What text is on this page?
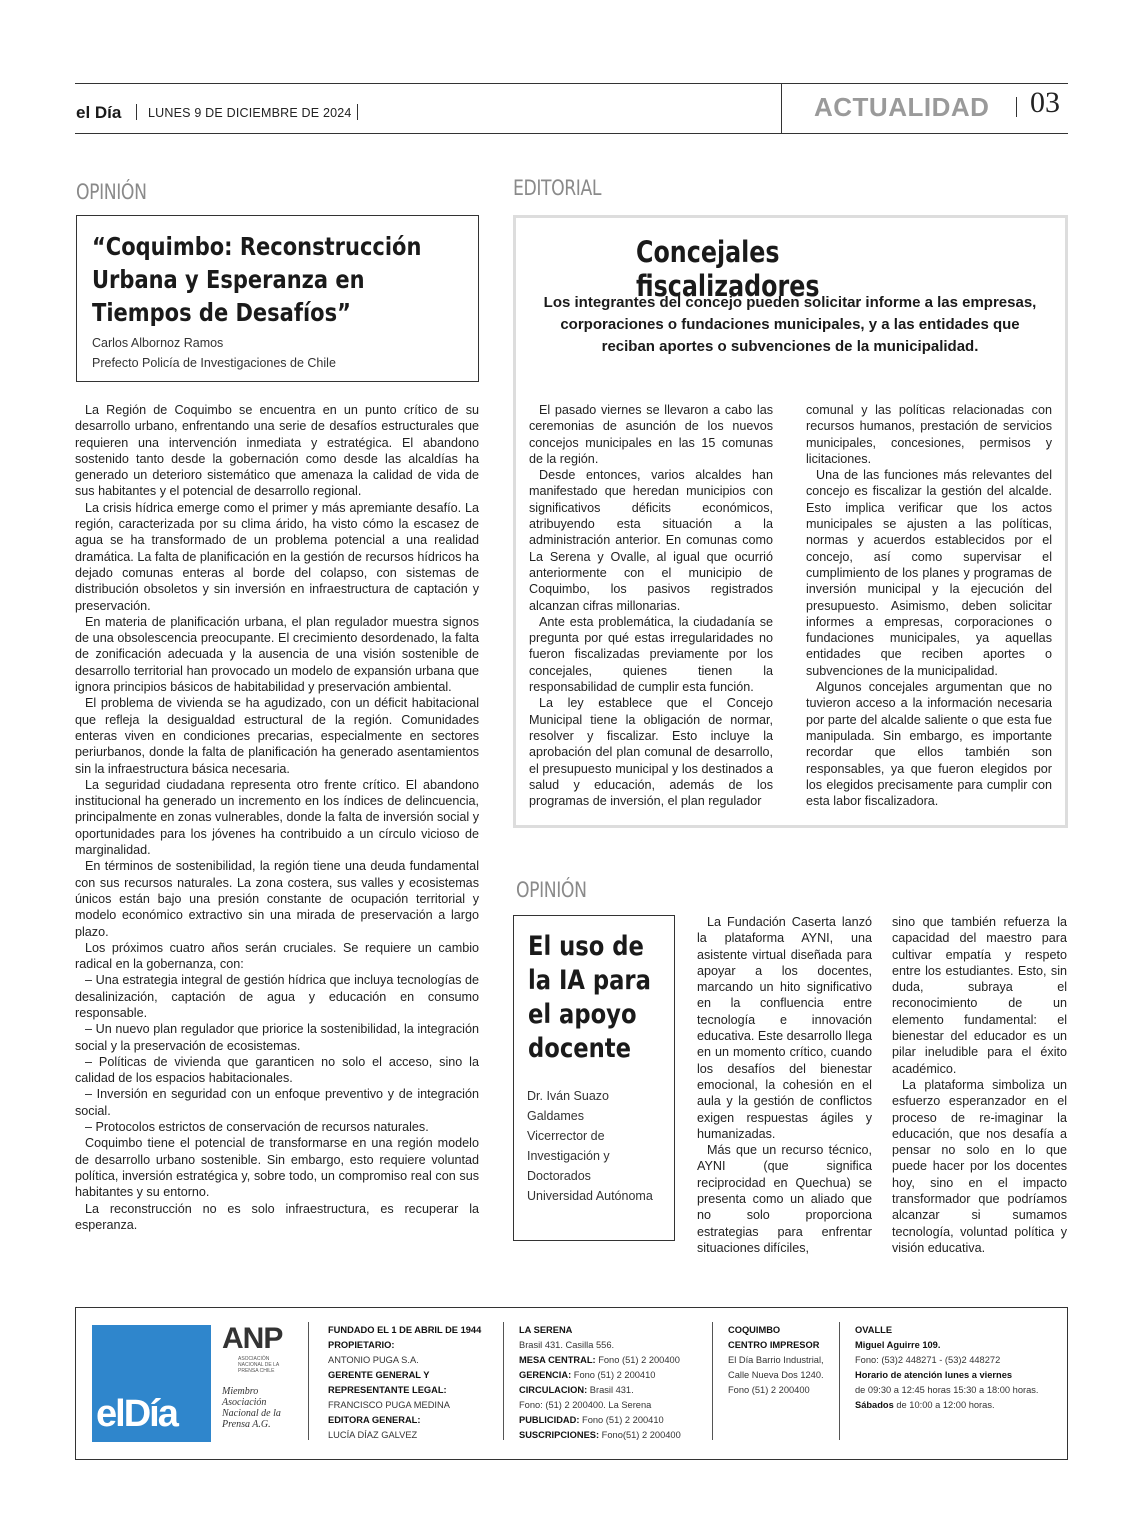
el Día LUNES 9 DE DICIEMBRE DE 2024	ACTUALIDAD 03
OPINIÓN
“Coquimbo: Reconstrucción Urbana y Esperanza en Tiempos de Desafíos”
Carlos Albornoz Ramos
Prefecto Policía de Investigaciones de Chile

La Región de Coquimbo se encuentra en un punto crítico de su desarrollo urbano, enfrentando una serie de desafíos estructurales que requieren una intervención inmediata y estratégica. El abandono sostenido tanto desde la gobernación como desde las alcaldías ha generado un deterioro sistemático que amenaza la calidad de vida de sus habitantes y el potencial de desarrollo regional.

La crisis hídrica emerge como el primer y más apremiante desafío. La región, caracterizada por su clima árido, ha visto cómo la escasez de agua se ha transformado de un problema potencial a una realidad dramática. La falta de planificación en la gestión de recursos hídricos ha dejado comunas enteras al borde del colapso, con sistemas de distribución obsoletos y sin inversión en infraestructura de captación y preservación.

En materia de planificación urbana, el plan regulador muestra signos de una obsolescencia preocupante. El crecimiento desordenado, la falta de zonificación adecuada y la ausencia de una visión sostenible de desarrollo territorial han provocado un modelo de expansión urbana que ignora principios básicos de habitabilidad y preservación ambiental.

El problema de vivienda se ha agudizado, con un déficit habitacional que refleja la desigualdad estructural de la región. Comunidades enteras viven en condiciones precarias, especialmente en sectores periurbanos, donde la falta de planificación ha generado asentamientos sin la infraestructura básica necesaria.

La seguridad ciudadana representa otro frente crítico. El abandono institucional ha generado un incremento en los índices de delincuencia, principalmente en zonas vulnerables, donde la falta de inversión social y oportunidades para los jóvenes ha contribuido a un círculo vicioso de marginalidad.

En términos de sostenibilidad, la región tiene una deuda fundamental con sus recursos naturales. La zona costera, sus valles y ecosistemas únicos están bajo una presión constante de ocupación territorial y modelo económico extractivo sin una mirada de preservación a largo plazo.

Los próximos cuatro años serán cruciales. Se requiere un cambio radical en la gobernanza, con:

– Una estrategia integral de gestión hídrica que incluya tecnologías de desalinización, captación de agua y educación en consumo responsable.

– Un nuevo plan regulador que priorice la sostenibilidad, la integración social y la preservación de ecosistemas.

– Políticas de vivienda que garanticen no solo el acceso, sino la calidad de los espacios habitacionales.

– Inversión en seguridad con un enfoque preventivo y de integración social.

– Protocolos estrictos de conservación de recursos naturales.

Coquimbo tiene el potencial de transformarse en una región modelo de desarrollo urbano sostenible. Sin embargo, esto requiere voluntad política, inversión estratégica y, sobre todo, un compromiso real con sus habitantes y su entorno.

La reconstrucción no es solo infraestructura, es recuperar la esperanza.

EDITORIAL
Concejales fiscalizadores
Los integrantes del concejo pueden solicitar informe a las empresas, corporaciones o fundaciones municipales, y a las entidades que reciban aportes o subvenciones de la municipalidad.

El pasado viernes se llevaron a cabo las ceremonias de asunción de los nuevos concejos municipales en las 15 comunas de la región.

Desde entonces, varios alcaldes han manifestado que heredan municipios con significativos déficits económicos, atribuyendo esta situación a la administración anterior. En comunas como La Serena y Ovalle, al igual que ocurrió anteriormente con el municipio de Coquimbo, los pasivos registrados alcanzan cifras millonarias.

Ante esta problemática, la ciudadanía se pregunta por qué estas irregularidades no fueron fiscalizadas previamente por los concejales, quienes tienen la responsabilidad de cumplir esta función.

La ley establece que el Concejo Municipal tiene la obligación de normar, resolver y fiscalizar. Esto incluye la aprobación del plan comunal de desarrollo, el presupuesto municipal y los destinados a salud y educación, además de los programas de inversión, el plan regulador

comunal y las políticas relacionadas con recursos humanos, prestación de servicios municipales, concesiones, permisos y licitaciones.

Una de las funciones más relevantes del concejo es fiscalizar la gestión del alcalde. Esto implica verificar que los actos municipales se ajusten a las políticas, normas y acuerdos establecidos por el concejo, así como supervisar el cumplimiento de los planes y programas de inversión municipal y la ejecución del presupuesto. Asimismo, deben solicitar informes a empresas, corporaciones o fundaciones municipales, ya aquellas entidades que reciben aportes o subvenciones de la municipalidad.

Algunos concejales argumentan que no tuvieron acceso a la información necesaria por parte del alcalde saliente o que esta fue manipulada. Sin embargo, es importante recordar que ellos también son responsables, ya que fueron elegidos por los elegidos precisamente para cumplir con esta labor fiscalizadora.

OPINIÓN
El uso de la IA para el apoyo docente
Dr. Iván Suazo
Galdames
Vicerrector de
Investigación y
Doctorados
Universidad Autónoma

La Fundación Caserta lanzó la plataforma AYNI, una asistente virtual diseñada para apoyar a los docentes, marcando un hito significativo en la confluencia entre tecnología e innovación educativa. Este desarrollo llega en un momento crítico, cuando los desafíos del bienestar emocional, la cohesión en el aula y la gestión de conflictos exigen respuestas ágiles y humanizadas.

Más que un recurso técnico, AYNI (que significa reciprocidad en Quechua) se presenta como un aliado que no solo proporciona estrategias para enfrentar situaciones difíciles,

sino que también refuerza la capacidad del maestro para cultivar empatía y respeto entre los estudiantes. Esto, sin duda, subraya el reconocimiento de un elemento fundamental: el bienestar del educador es un pilar ineludible para el éxito académico.

La plataforma simboliza un esfuerzo esperanzador en el proceso de re-imaginar la educación, que nos desafía a pensar no solo en lo que puede hacer por los docentes hoy, sino en el impacto transformador que podríamos alcanzar si sumamos tecnología, voluntad política y visión educativa.

elDía
ANP
ASOCIACIÓN NACIONAL DE LA PRENSA CHILE
Miembro Asociación Nacional de la Prensa A.G.
FUNDADO EL 1 DE ABRIL DE 1944
PROPIETARIO:
ANTONIO PUGA S.A.
GERENTE GENERAL Y REPRESENTANTE LEGAL:
FRANCISCO PUGA MEDINA
EDITORA GENERAL:
LUCÍA DÍAZ GALVEZ
LA SERENA
Brasil 431. Casilla 556.
MESA CENTRAL: Fono (51) 2 200400
GERENCIA: Fono (51) 2 200410
CIRCULACION: Brasil 431.
Fono: (51) 2 200400. La Serena
PUBLICIDAD: Fono (51) 2 200410
SUSCRIPCIONES: Fono(51) 2 200400
COQUIMBO
CENTRO IMPRESOR
El Día Barrio Industrial,
Calle Nueva Dos 1240.
Fono (51) 2 200400
OVALLE
Miguel Aguirre 109.
Fono: (53)2 448271 - (53)2 448272
Horario de atención lunes a viernes
de 09:30 a 12:45 horas 15:30 a 18:00 horas.
Sábados de 10:00 a 12:00 horas.
